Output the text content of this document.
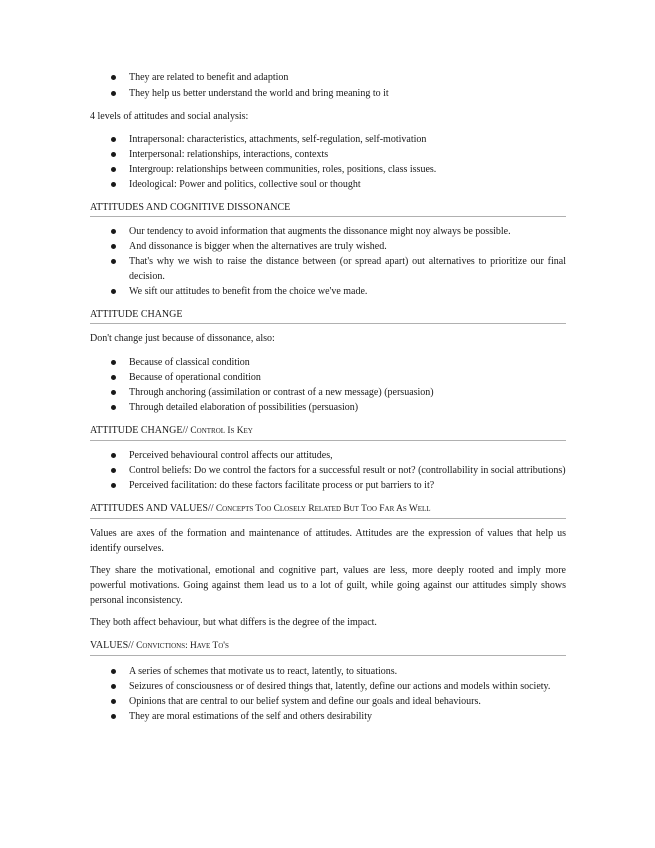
They are related to benefit and adaption
They help us better understand the world and bring meaning to it

4 levels of attitudes and social analysis:

Intrapersonal: characteristics, attachments, self-regulation, self-motivation
Interpersonal: relationships, interactions, contexts
Intergroup: relationships between communities, roles, positions, class issues.
Ideological: Power and politics, collective soul or thought
ATTITUDES AND COGNITIVE DISSONANCE
Our tendency to avoid information that augments the dissonance might noy always be possible.
And dissonance is bigger when the alternatives are truly wished.
That's why we wish to raise the distance between (or spread apart) out alternatives to prioritize our final decision.
We sift our attitudes to benefit from the choice we've made.
ATTITUDE CHANGE

Don't change just because of dissonance, also:

Because of classical condition
Because of operational condition
Through anchoring (assimilation or contrast of a new message) (persuasion)
Through detailed elaboration of possibilities (persuasion)
ATTITUDE CHANGE// Control Is Key
Perceived behavioural control affects our attitudes,
Control beliefs: Do we control the factors for a successful result or not? (controllability in social attributions)
Perceived facilitation: do these factors facilitate process or put barriers to it?
ATTITUDES AND VALUES// Concepts Too Closely Related But Too Far As Well

Values are axes of the formation and maintenance of attitudes. Attitudes are the expression of values that help us identify ourselves.

They share the motivational, emotional and cognitive part, values are less, more deeply rooted and imply more powerful motivations. Going against them lead us to a lot of guilt, while going against our attitudes simply shows personal inconsistency.

They both affect behaviour, but what differs is the degree of the impact.

VALUES// Convictions: Have To's
A series of schemes that motivate us to react, latently, to situations.
Seizures of consciousness or of desired things that, latently, define our actions and models within society.
Opinions that are central to our belief system and define our goals and ideal behaviours.
They are moral estimations of the self and others desirability
